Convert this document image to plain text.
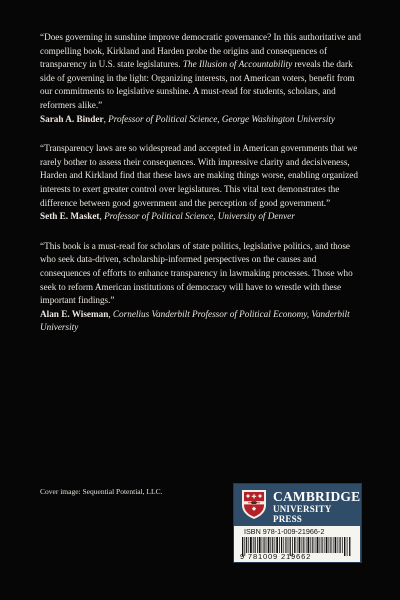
“Does governing in sunshine improve democratic governance? In this authoritative and compelling book, Kirkland and Harden probe the origins and consequences of transparency in U.S. state legislatures. The Illusion of Accountability reveals the dark side of governing in the light: Organizing interests, not American voters, benefit from our commitments to legislative sunshine. A must-read for students, scholars, and reformers alike.”
Sarah A. Binder, Professor of Political Science, George Washington University
“Transparency laws are so widespread and accepted in American governments that we rarely bother to assess their consequences. With impressive clarity and decisiveness, Harden and Kirkland find that these laws are making things worse, enabling organized interests to exert greater control over legislatures. This vital text demonstrates the difference between good government and the perception of good government.”
Seth E. Masket, Professor of Political Science, University of Denver
“This book is a must-read for scholars of state politics, legislative politics, and those who seek data-driven, scholarship-informed perspectives on the causes and consequences of efforts to enhance transparency in lawmaking processes. Those who seek to reform American institutions of democracy will have to wrestle with these important findings.”
Alan E. Wiseman, Cornelius Vanderbilt Professor of Political Economy, Vanderbilt University
Cover image: Sequential Potential, LLC.	CAMBRIDGE
UNIVERSITY PRESS
ISBN 978-1-009-21966-2
9 781009 219662
